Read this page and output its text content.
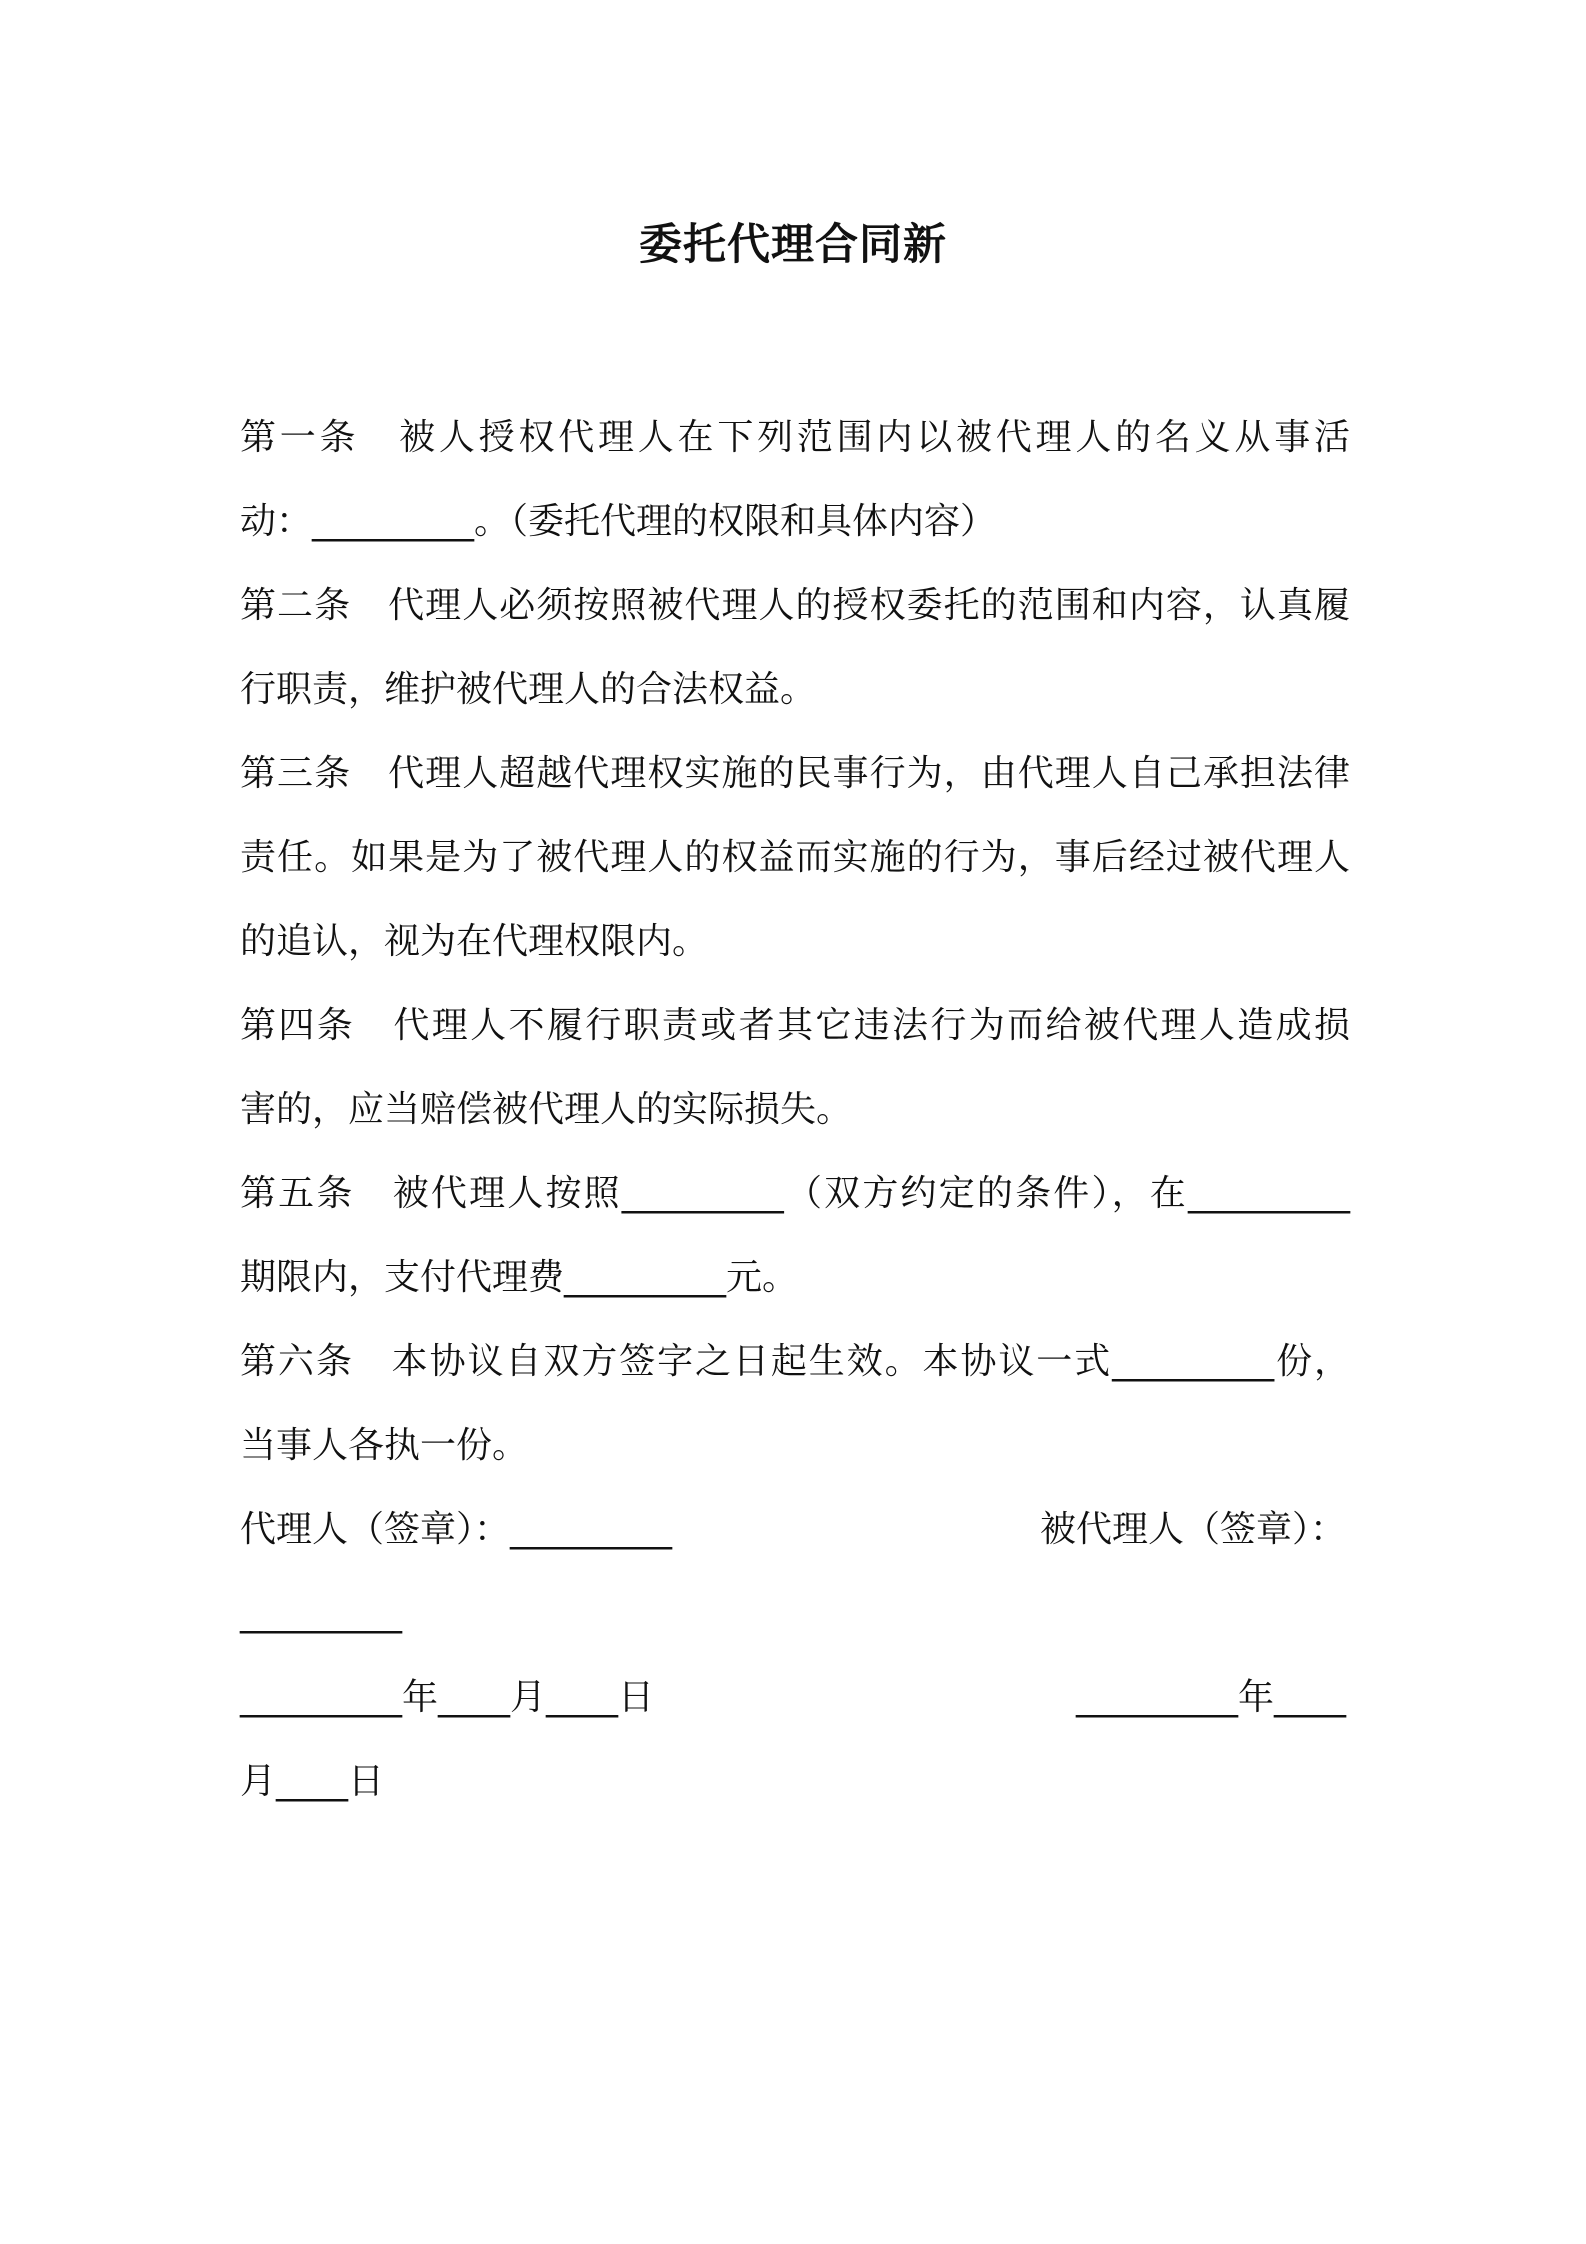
委托代理合同新
第一条　被人授权代理人在下列范围内以被代理人的名义从事活
动：_________。（委托代理的权限和具体内容）
第二条　代理人必须按照被代理人的授权委托的范围和内容，认真履
行职责，维护被代理人的合法权益。
第三条　代理人超越代理权实施的民事行为，由代理人自己承担法律
责任。如果是为了被代理人的权益而实施的行为，事后经过被代理人
的追认，视为在代理权限内。
第四条　代理人不履行职责或者其它违法行为而给被代理人造成损
害的，应当赔偿被代理人的实际损失。
第五条　被代理人按照_________（双方约定的条件），在_________
期限内，支付代理费_________元。
第六条　本协议自双方签字之日起生效。本协议一式_________份，
当事人各执一份。
代理人（签章）：_________	被代理人（签章）：
_________
_________年____月____日	_________年____
月____日
